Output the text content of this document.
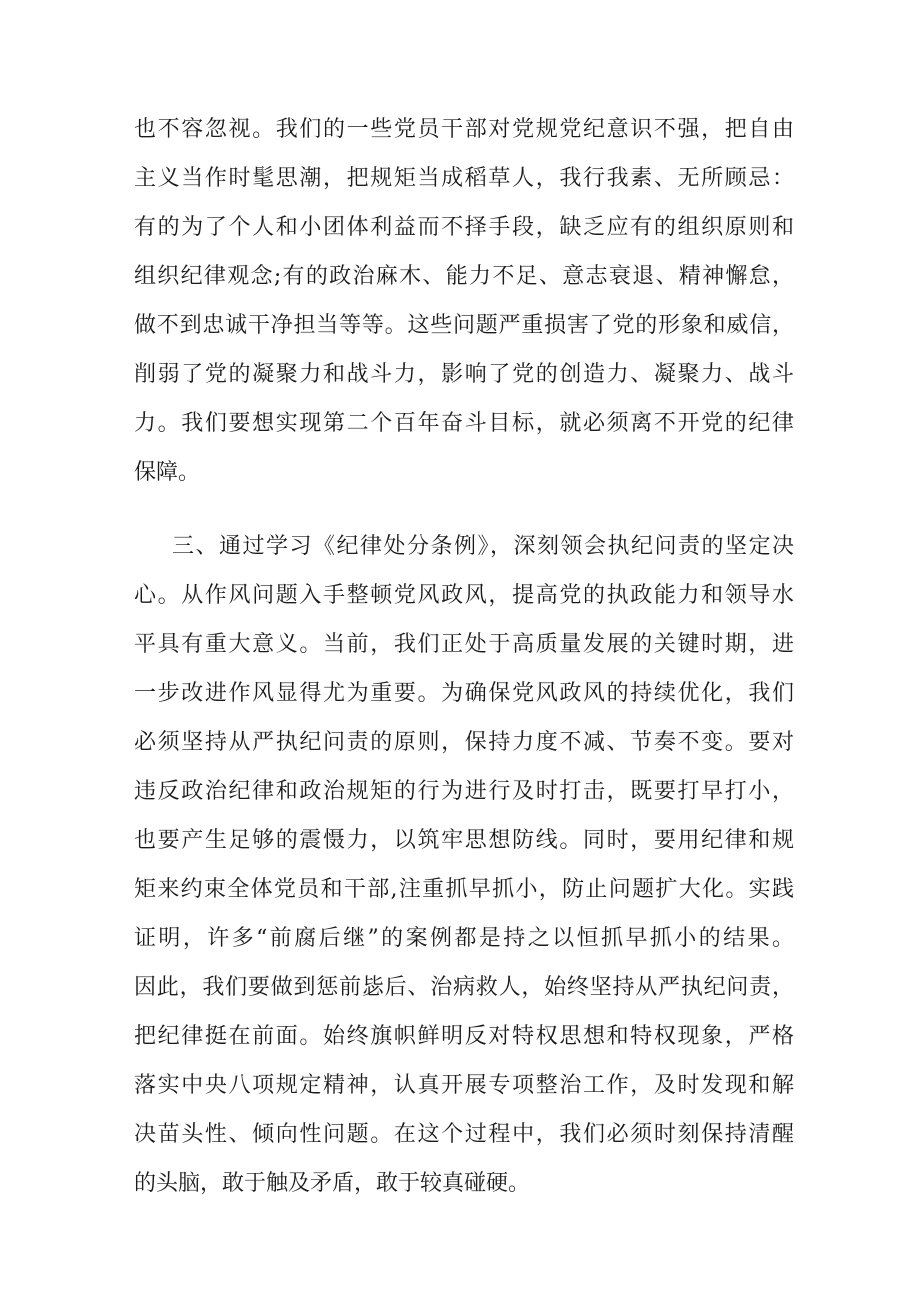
也不容忽视。我们的一些党员干部对党规党纪意识不强，把自由
主义当作时髦思潮，把规矩当成稻草人，我行我素、无所顾忌：
有的为了个人和小团体利益而不择手段，缺乏应有的组织原则和
组织纪律观念;有的政治麻木、能力不足、意志衰退、精神懈怠，
做不到忠诚干净担当等等。这些问题严重损害了党的形象和威信，
削弱了党的凝聚力和战斗力，影响了党的创造力、凝聚力、战斗
力。我们要想实现第二个百年奋斗目标，就必须离不开党的纪律
保障。
三、通过学习《纪律处分条例》，深刻领会执纪问责的坚定决
心。从作风问题入手整顿党风政风，提高党的执政能力和领导水
平具有重大意义。当前，我们正处于高质量发展的关键时期，进
一步改进作风显得尤为重要。为确保党风政风的持续优化，我们
必须坚持从严执纪问责的原则，保持力度不减、节奏不变。要对
违反政治纪律和政治规矩的行为进行及时打击，既要打早打小，
也要产生足够的震慑力，以筑牢思想防线。同时，要用纪律和规
矩来约束全体党员和干部,注重抓早抓小，防止问题扩大化。实践
证明，许多“前腐后继”的案例都是持之以恒抓早抓小的结果。
因此，我们要做到惩前毖后、治病救人，始终坚持从严执纪问责，
把纪律挺在前面。始终旗帜鲜明反对特权思想和特权现象，严格
落实中央八项规定精神，认真开展专项整治工作，及时发现和解
决苗头性、倾向性问题。在这个过程中，我们必须时刻保持清醒
的头脑，敢于触及矛盾，敢于较真碰硬。
